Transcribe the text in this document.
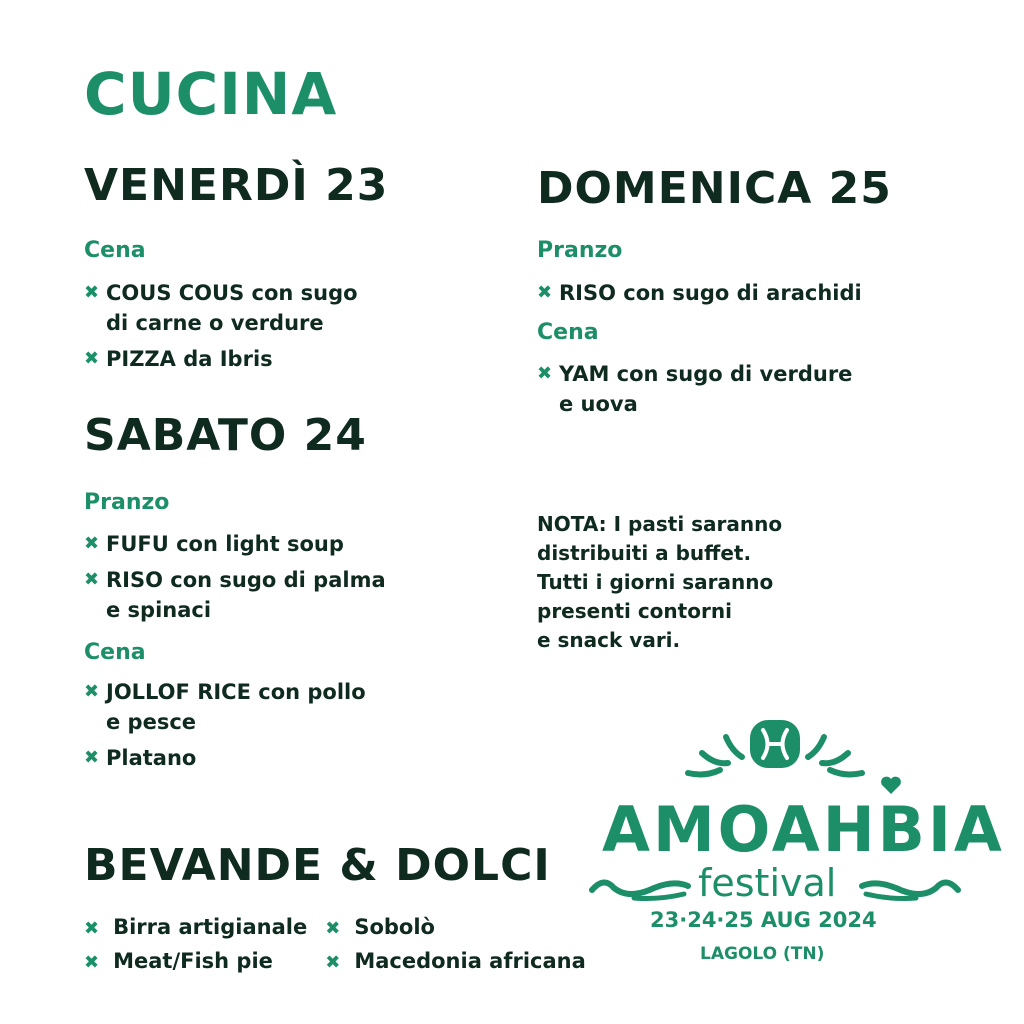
CUCINA
VENERDÌ 23
Cena
✖ COUS COUS con sugo
di carne o verdure
✖ PIZZA da Ibris
SABATO 24
Pranzo
✖ FUFU con light soup
✖ RISO con sugo di palma
e spinaci
Cena
✖ JOLLOF RICE con pollo
e pesce
✖ Platano
DOMENICA 25
Pranzo
✖ RISO con sugo di arachidi
Cena
✖ YAM con sugo di verdure
e uova
NOTA: I pasti saranno
distribuiti a buffet.
Tutti i giorni saranno
presenti contorni
e snack vari.
BEVANDE & DOLCI
✖ Birra artigianale ✖ Sobolò
✖ Meat/Fish pie	✖ Macedonia africana
AMOAHBIA
festival
23·24·25 AUG 2024
LAGOLO (TN)
